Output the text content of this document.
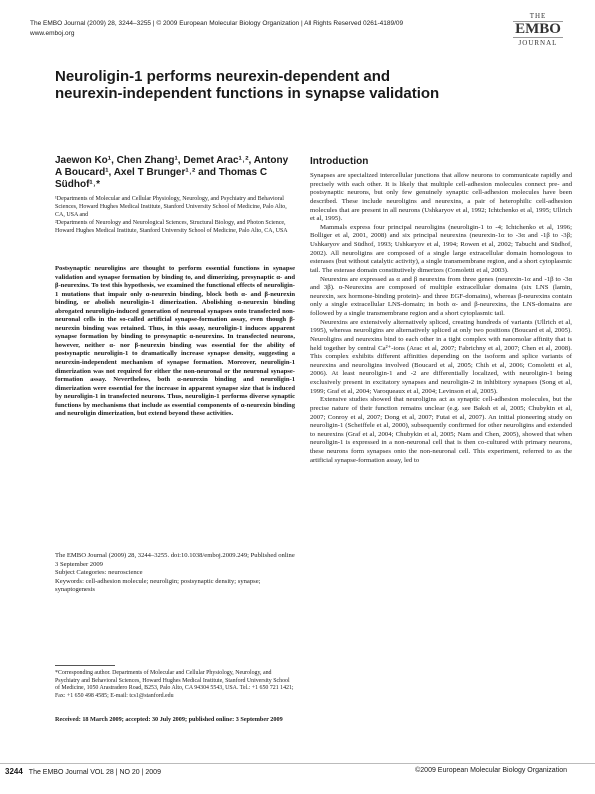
The EMBO Journal (2009) 28, 3244–3255 | © 2009 European Molecular Biology Organization | All Rights Reserved 0261-4189/09
www.emboj.org
THE
EMBO
JOURNAL
Neuroligin-1 performs neurexin-dependent and neurexin-independent functions in synapse validation
Jaewon Ko¹, Chen Zhang¹, Demet Arac¹˒², Antony A Boucard¹, Axel T Brunger¹˒² and Thomas C Südhof¹˒*

¹Departments of Molecular and Cellular Physiology, Neurology, and Psychiatry and Behavioral Sciences, Howard Hughes Medical Institute, Stanford University School of Medicine, Palo Alto, CA, USA and

²Departments of Neurology and Neurological Sciences, Structural Biology, and Photon Science, Howard Hughes Medical Institute, Stanford University School of Medicine, Palo Alto, CA, USA

Postsynaptic neuroligins are thought to perform essential functions in synapse validation and synapse formation by binding to, and dimerizing, presynaptic α- and β-neurexins. To test this hypothesis, we examined the functional effects of neuroligin-1 mutations that impair only α-neurexin binding, block both α- and β-neurexin binding, or abolish neuroligin-1 dimerization. Abolishing α-neurexin binding abrogated neuroligin-induced generation of neuronal synapses onto transfected non-neuronal cells in the so-called artificial synapse-formation assay, even though β-neurexin binding was retained. Thus, in this assay, neuroligin-1 induces apparent synapse formation by binding to presynaptic α-neurexins. In transfected neurons, however, neither α- nor β-neurexin binding was essential for the ability of postsynaptic neuroligin-1 to dramatically increase synapse density, suggesting a neurexin-independent mechanism of synapse formation. Moreover, neuroligin-1 dimerization was not required for either the non-neuronal or the neuronal synapse-formation assay. Nevertheless, both α-neurexin binding and neuroligin-1 dimerization were essential for the increase in apparent synapse size that is induced by neuroligin-1 in transfected neurons. Thus, neuroligin-1 performs diverse synaptic functions by mechanisms that include as essential components of α-neurexin binding and neuroligin dimerization, but extend beyond these activities.

The EMBO Journal (2009) 28, 3244–3255. doi:10.1038/emboj.2009.249; Published online 3 September 2009

Subject Categories: neuroscience

Keywords: cell-adhesion molecule; neuroligin; postsynaptic density; synapse; synaptogenesis

*Corresponding author. Departments of Molecular and Cellular Physiology, Neurology, and Psychiatry and Behavioral Sciences, Howard Hughes Medical Institute, Stanford University School of Medicine, 1050 Arastradero Road, B253, Palo Alto, CA 94304 5543, USA. Tel.: +1 650 721 1421; Fax: +1 650 498 4585; E-mail: tcs1@stanford.edu
Received: 18 March 2009; accepted: 30 July 2009; published online: 3 September 2009
Introduction

Synapses are specialized intercellular junctions that allow neurons to communicate rapidly and precisely with each other. It is likely that multiple cell-adhesion molecules connect pre- and postsynaptic neurons, but only few genuinely synaptic cell-adhesion molecules have been described. These include neuroligins and neurexins, a pair of heterophilic cell-adhesion molecules that are present in all neurons (Ushkaryov et al, 1992; Ichtchenko et al, 1995; Ullrich et al, 1995).

Mammals express four principal neuroligins (neuroligin-1 to -4; Ichtchenko et al, 1996; Bolliger et al, 2001, 2008) and six principal neurexins (neurexin-1α to -3α and -1β to -3β; Ushkaryov and Südhof, 1993; Ushkaryov et al, 1994; Rowen et al, 2002; Tabuchi and Südhof, 2002). All neuroligins are composed of a single large extracellular domain homologous to esterases (but without catalytic activity), a single transmembrane region, and a short cytoplasmic tail. The esterase domain constitutively dimerizes (Comoletti et al, 2003).

Neurexins are expressed as α and β neurexins from three genes (neurexin-1α and -1β to -3α and 3β). α-Neurexins are composed of multiple extracellular domains (six LNS (lamin, neurexin, sex hormone-binding protein)- and three EGF-domains), whereas β-neurexins contain only a single extracellular LNS-domain; in both α- and β-neurexins, the LNS-domains are followed by a single transmembrane region and a short cytoplasmic tail.

Neurexins are extensively alternatively spliced, creating hundreds of variants (Ullrich et al, 1995), whereas neuroligins are alternatively spliced at only two positions (Boucard et al, 2005). Neuroligins and neurexins bind to each other in a tight complex with nanomolar affinity that is held together by central Ca²⁺-ions (Arac et al, 2007; Fabrichny et al, 2007; Chen et al, 2008). This complex exhibits different affinities depending on the isoform and splice variants of neurexins and neuroligins involved (Boucard et al, 2005; Chih et al, 2006; Comoletti et al, 2006). At least neuroligin-1 and -2 are differentially localized, with neuroligin-1 being exclusively present in excitatory synapses and neuroligin-2 in inhibitory synapses (Song et al, 1999; Graf et al, 2004; Varoqueaux et al, 2004; Levinson et al, 2005).

Extensive studies showed that neuroligins act as synaptic cell-adhesion molecules, but the precise nature of their function remains unclear (e.g. see Baksh et al, 2005; Chubykin et al, 2007; Conroy et al, 2007; Dong et al, 2007; Futai et al, 2007). An initial pioneering study on neuroligin-1 (Scheiffele et al, 2000), subsequently confirmed for other neuroligins and extended to neurexins (Graf et al, 2004; Chubykin et al, 2005; Nam and Chen, 2005), showed that when neuroligin-1 is expressed in a non-neuronal cell that is then co-cultured with primary neurons, these neurons form synapses onto the non-neuronal cell. This experiment, referred to as the artificial synapse-formation assay, led to

3244 The EMBO Journal VOL 28 | NO 20 | 2009	©2009 European Molecular Biology Organization
